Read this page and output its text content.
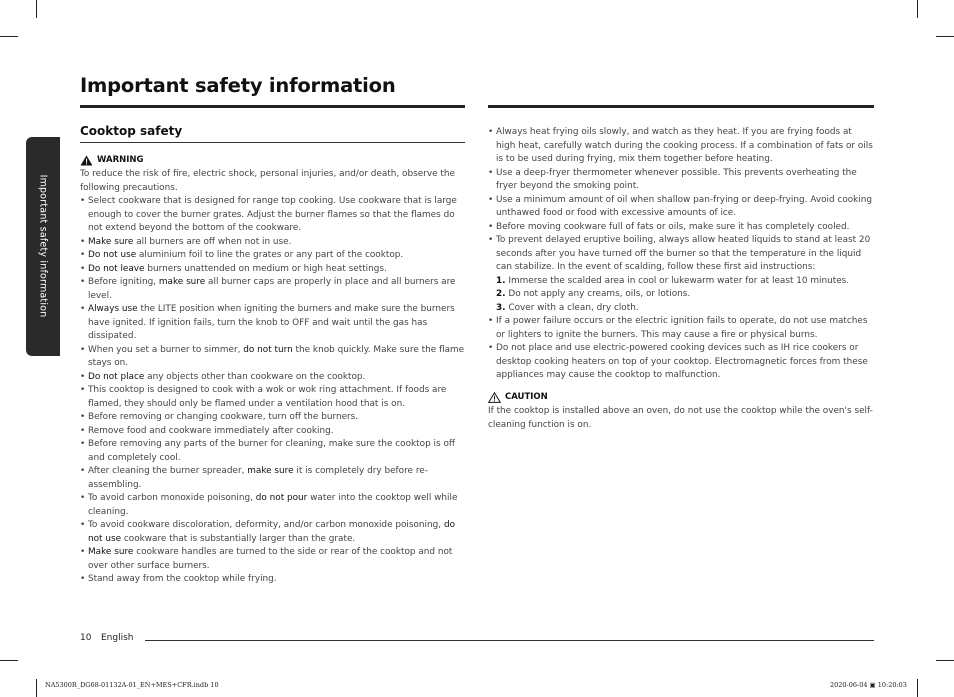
Important safety information
Important safety information
Cooktop safety
WARNING

To reduce the risk of fire, electric shock, personal injuries, and/or death, observe the following precautions.

• Select cookware that is designed for range top cooking. Use cookware that is large enough to cover the burner grates. Adjust the burner flames so that the flames do not extend beyond the bottom of the cookware.
• Make sure all burners are off when not in use.
• Do not use aluminium foil to line the grates or any part of the cooktop.
• Do not leave burners unattended on medium or high heat settings.
• Before igniting, make sure all burner caps are properly in place and all burners are level.
• Always use the LITE position when igniting the burners and make sure the burners have ignited. If ignition fails, turn the knob to OFF and wait until the gas has dissipated.
• When you set a burner to simmer, do not turn the knob quickly. Make sure the flame stays on.
• Do not place any objects other than cookware on the cooktop.
• This cooktop is designed to cook with a wok or wok ring attachment. If foods are flamed, they should only be flamed under a ventilation hood that is on.
• Before removing or changing cookware, turn off the burners.
• Remove food and cookware immediately after cooking.
• Before removing any parts of the burner for cleaning, make sure the cooktop is off and completely cool.
• After cleaning the burner spreader, make sure it is completely dry before re-assembling.
• To avoid carbon monoxide poisoning, do not pour water into the cooktop well while cleaning.
• To avoid cookware discoloration, deformity, and/or carbon monoxide poisoning, do not use cookware that is substantially larger than the grate.
• Make sure cookware handles are turned to the side or rear of the cooktop and not over other surface burners.
• Stand away from the cooktop while frying.
• Always heat frying oils slowly, and watch as they heat. If you are frying foods at high heat, carefully watch during the cooking process. If a combination of fats or oils is to be used during frying, mix them together before heating.
• Use a deep-fryer thermometer whenever possible. This prevents overheating the fryer beyond the smoking point.
• Use a minimum amount of oil when shallow pan-frying or deep-frying. Avoid cooking unthawed food or food with excessive amounts of ice.
• Before moving cookware full of fats or oils, make sure it has completely cooled.
• To prevent delayed eruptive boiling, always allow heated liquids to stand at least 20 seconds after you have turned off the burner so that the temperature in the liquid can stabilize. In the event of scalding, follow these first aid instructions:
1. Immerse the scalded area in cool or lukewarm water for at least 10 minutes.
2. Do not apply any creams, oils, or lotions.
3. Cover with a clean, dry cloth.
• If a power failure occurs or the electric ignition fails to operate, do not use matches or lighters to ignite the burners. This may cause a fire or physical burns.
• Do not place and use electric-powered cooking devices such as IH rice cookers or desktop cooking heaters on top of your cooktop. Electromagnetic forces from these appliances may cause the cooktop to malfunction.
CAUTION

If the cooktop is installed above an oven, do not use the cooktop while the oven's self-cleaning function is on.

10 English
NA5300R_DG68-01132A-01_EN+MES+CFR.indb 10	2020-06-04 ▣ 10:20:03
